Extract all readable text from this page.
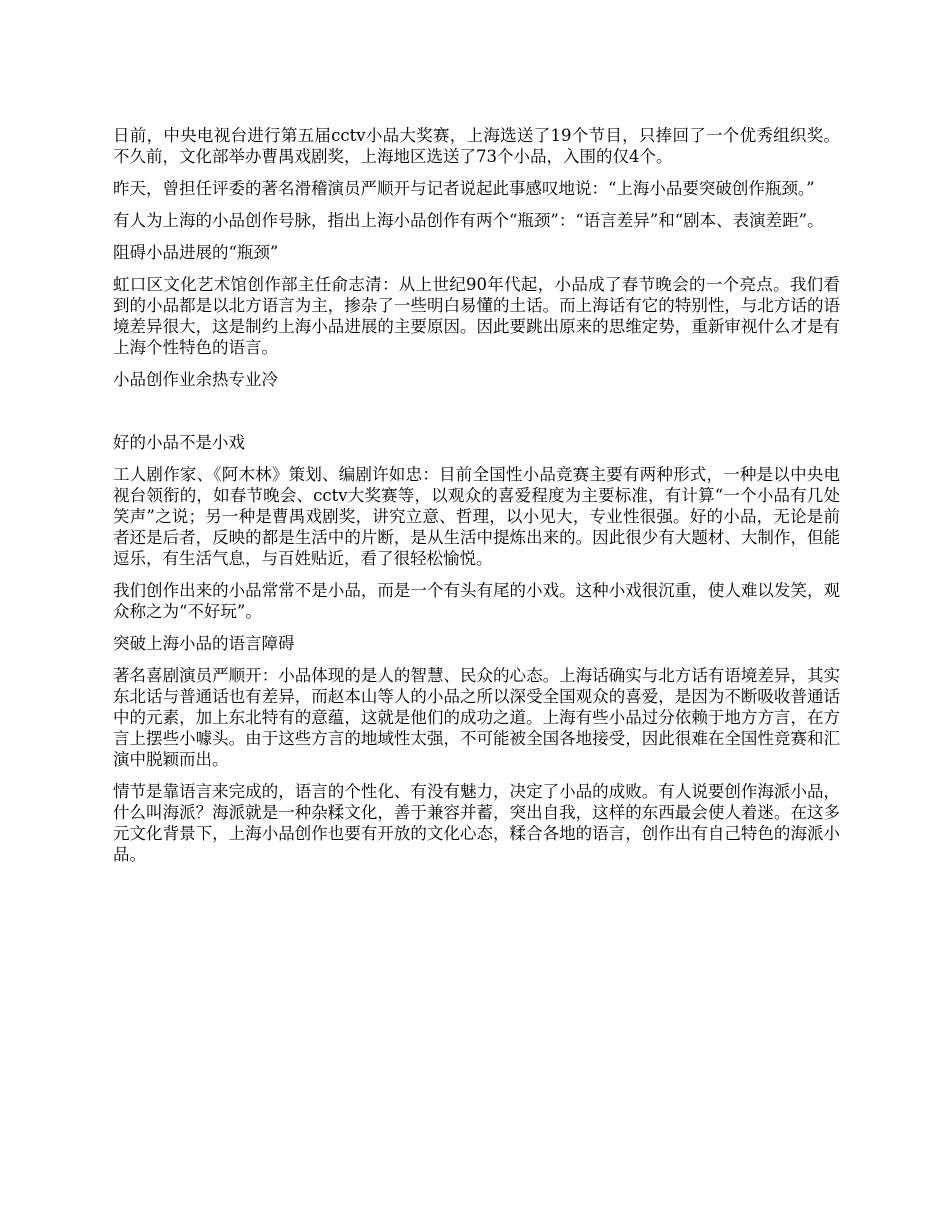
日前，中央电视台进行第五届cctv小品大奖赛，上海选送了19个节目，只捧回了一个优秀组织奖。不久前，文化部举办曹禺戏剧奖，上海地区选送了73个小品，入围的仅4个。

昨天，曾担任评委的著名滑稽演员严顺开与记者说起此事感叹地说：“上海小品要突破创作瓶颈。”

有人为上海的小品创作号脉，指出上海小品创作有两个“瓶颈”：“语言差异”和“剧本、表演差距”。

阻碍小品进展的“瓶颈”

虹口区文化艺术馆创作部主任俞志清：从上世纪90年代起，小品成了春节晚会的一个亮点。我们看到的小品都是以北方语言为主，掺杂了一些明白易懂的土话。而上海话有它的特别性，与北方话的语境差异很大，这是制约上海小品进展的主要原因。因此要跳出原来的思维定势，重新审视什么才是有上海个性特色的语言。

小品创作业余热专业冷

好的小品不是小戏

工人剧作家、《阿木林》策划、编剧许如忠：目前全国性小品竞赛主要有两种形式，一种是以中央电视台领衔的，如春节晚会、cctv大奖赛等，以观众的喜爱程度为主要标准，有计算“一个小品有几处笑声”之说；另一种是曹禺戏剧奖，讲究立意、哲理，以小见大，专业性很强。好的小品，无论是前者还是后者，反映的都是生活中的片断，是从生活中提炼出来的。因此很少有大题材、大制作，但能逗乐，有生活气息，与百姓贴近，看了很轻松愉悦。

我们创作出来的小品常常不是小品，而是一个有头有尾的小戏。这种小戏很沉重，使人难以发笑，观众称之为“不好玩”。

突破上海小品的语言障碍

著名喜剧演员严顺开：小品体现的是人的智慧、民众的心态。上海话确实与北方话有语境差异，其实东北话与普通话也有差异，而赵本山等人的小品之所以深受全国观众的喜爱，是因为不断吸收普通话中的元素，加上东北特有的意蕴，这就是他们的成功之道。上海有些小品过分依赖于地方方言，在方言上摆些小噱头。由于这些方言的地域性太强，不可能被全国各地接受，因此很难在全国性竞赛和汇演中脱颖而出。

情节是靠语言来完成的，语言的个性化、有没有魅力，决定了小品的成败。有人说要创作海派小品，什么叫海派？海派就是一种杂糅文化，善于兼容并蓄，突出自我，这样的东西最会使人着迷。在这多元文化背景下，上海小品创作也要有开放的文化心态，糅合各地的语言，创作出有自己特色的海派小品。
